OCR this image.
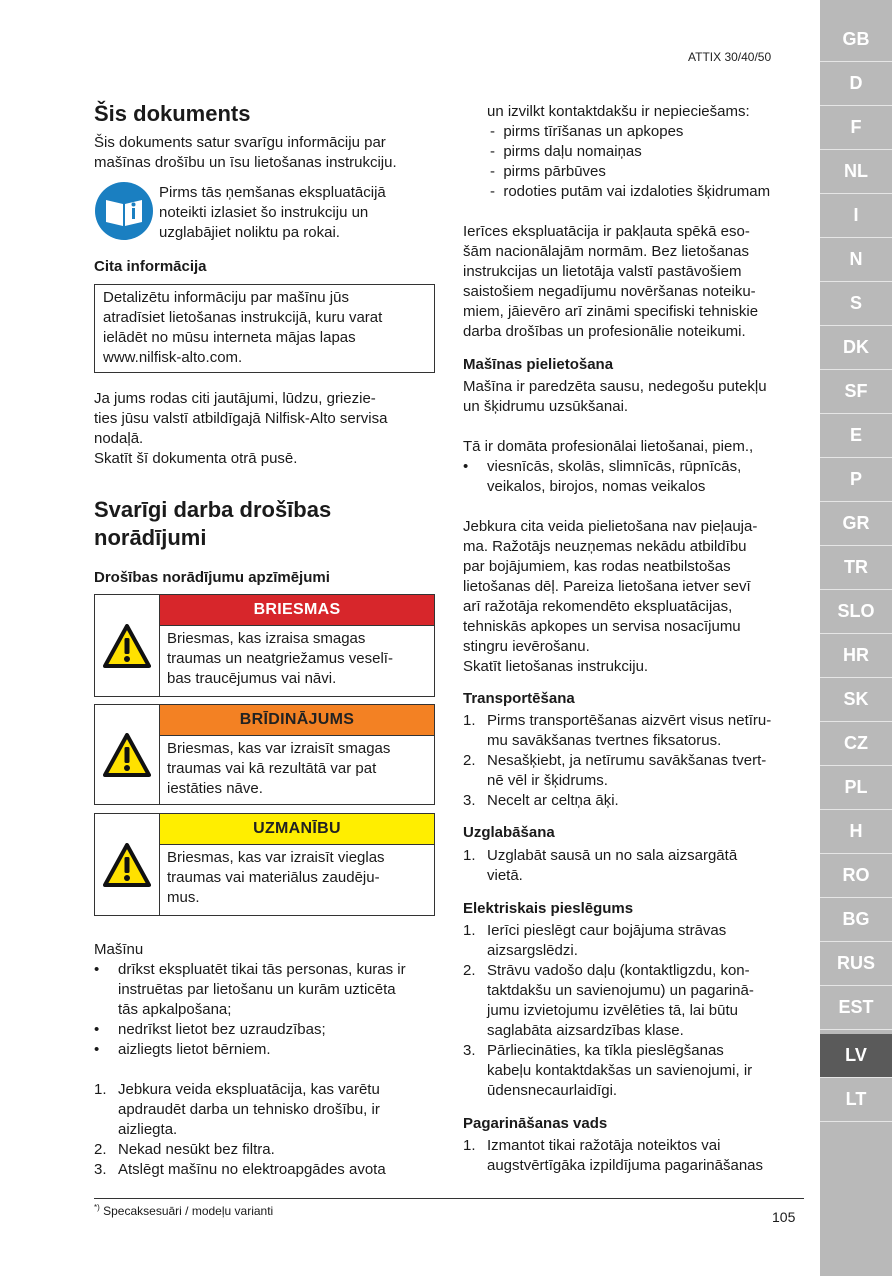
ATTIX 30/40/50
Šis dokuments
Šis dokuments satur svarīgu informāciju par
mašīnas drošību un īsu lietošanas instrukciju.
Pirms tās ņemšanas ekspluatācijā
noteikti izlasiet šo instrukciju un
uzglabājiet noliktu pa rokai.
Cita informācija
Detalizētu informāciju par mašīnu jūs
atradīsiet lietošanas instrukcijā, kuru varat
ielādēt no mūsu interneta mājas lapas
www.nilfisk-alto.com.
Ja jums rodas citi jautājumi, lūdzu, griezie-
ties jūsu valstī atbildīgajā Nilfisk-Alto servisa
nodaļā.
Skatīt šī dokumenta otrā pusē.
Svarīgi darba drošības
norādījumi
Drošības norādījumu apzīmējumi
BRIESMAS
Briesmas, kas izraisa smagas
traumas un neatgriežamus veselī-
bas traucējumus vai nāvi.
BRĪDINĀJUMS
Briesmas, kas var izraisīt smagas
traumas vai kā rezultātā var pat
iestāties nāve.
UZMANĪBU
Briesmas, kas var izraisīt vieglas
traumas vai materiālus zaudēju-
mus.
Mašīnu
• drīkst ekspluatēt tikai tās personas, kuras ir
instruētas par lietošanu un kurām uzticēta
tās apkalpošana;
• nedrīkst lietot bez uzraudzības;
• aizliegts lietot bērniem.
1. Jebkura veida ekspluatācija, kas varētu
apdraudēt darba un tehnisko drošību, ir
aizliegta.
2. Nekad nesūkt bez filtra.
3. Atslēgt mašīnu no elektroapgādes avota
un izvilkt kontaktdakšu ir nepieciešams:
- pirms tīrīšanas un apkopes
- pirms daļu nomaiņas
- pirms pārbūves
- rodoties putām vai izdaloties šķidrumam
Ierīces ekspluatācija ir pakļauta spēkā eso-
šām nacionālajām normām. Bez lietošanas
instrukcijas un lietotāja valstī pastāvošiem
saistošiem negadījumu novēršanas noteiku-
miem, jāievēro arī zināmi specifiski tehniskie
darba drošības un profesionālie noteikumi.
Mašīnas pielietošana
Mašīna ir paredzēta sausu, nedegošu putekļu
un šķidrumu uzsūkšanai.
Tā ir domāta profesionālai lietošanai, piem.,
• viesnīcās, skolās, slimnīcās, rūpnīcās,
veikalos, birojos, nomas veikalos
Jebkura cita veida pielietošana nav pieļauja-
ma. Ražotājs neuzņemas nekādu atbildību
par bojājumiem, kas rodas neatbilstošas
lietošanas dēļ. Pareiza lietošana ietver sevī
arī ražotāja rekomendēto ekspluatācijas,
tehniskās apkopes un servisa nosacījumu
stingru ievērošanu.
Skatīt lietošanas instrukciju.
Transportēšana
1. Pirms transportēšanas aizvērt visus netīru-
mu savākšanas tvertnes fiksatorus.
2. Nesašķiebt, ja netīrumu savākšanas tvert-
nē vēl ir šķidrums.
3. Necelt ar celtņa āķi.
Uzglabāšana
1. Uzglabāt sausā un no sala aizsargātā
vietā.
Elektriskais pieslēgums
1. Ierīci pieslēgt caur bojājuma strāvas
aizsargslēdzi.
2. Strāvu vadošo daļu (kontaktligzdu, kon-
taktdakšu un savienojumu) un pagarinā-
jumu izvietojumu izvēlēties tā, lai būtu
saglabāta aizsardzības klase.
3. Pārliecināties, ka tīkla pieslēgšanas
kabeļu kontaktdakšas un savienojumi, ir
ūdensnecaurlaidīgi.
Pagarināšanas vads
1. Izmantot tikai ražotāja noteiktos vai
augstvērtīgāka izpildījuma pagarināšanas
*) Specaksesuāri / modeļu varianti	105
GB
D
F
NL
I
N
S
DK
SF
E
P
GR
TR
SLO
HR
SK
CZ
PL
H
RO
BG
RUS
EST
LV
LT
